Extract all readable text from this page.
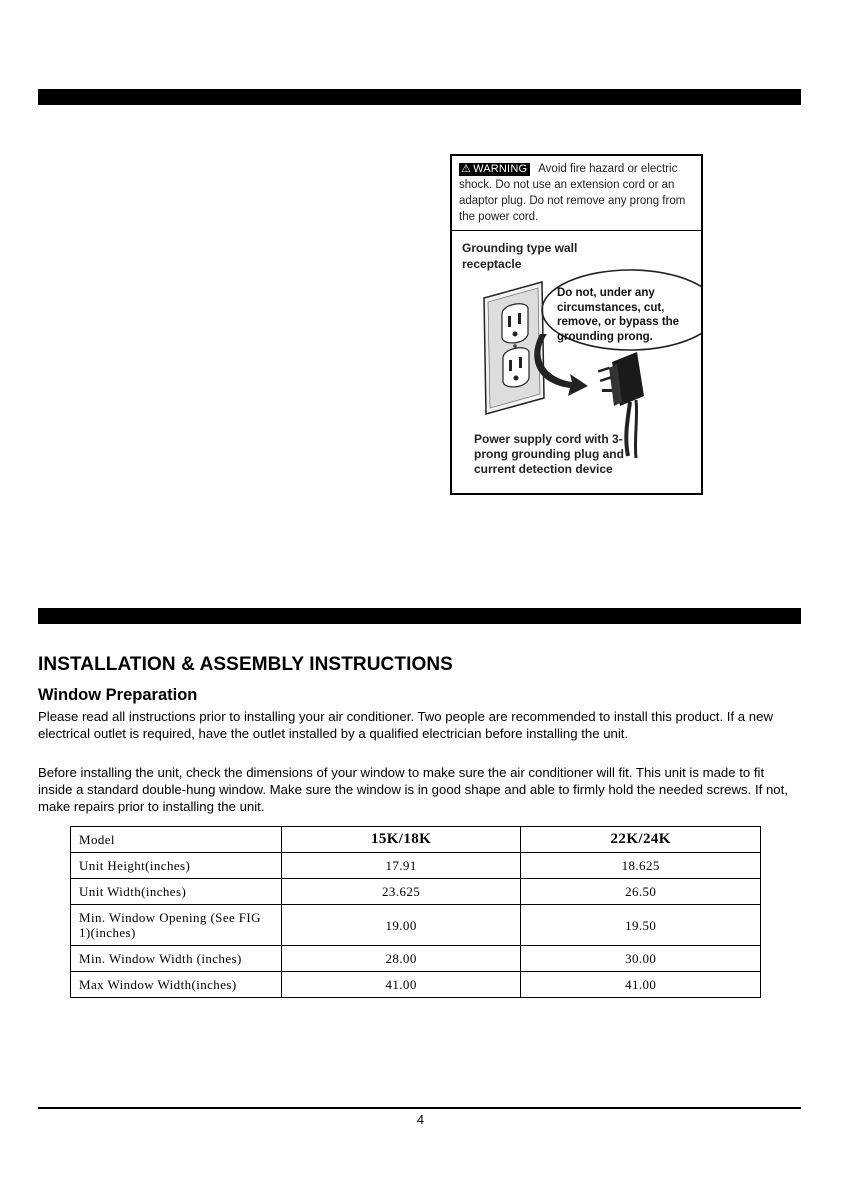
⚠ WARNING Avoid fire hazard or electric shock. Do not use an extension cord or an adaptor plug. Do not remove any prong from the power cord.
Grounding type wall receptacle
Do not, under any circumstances, cut, remove, or bypass the grounding prong.
Power supply cord with 3-prong grounding plug and current detection device
INSTALLATION & ASSEMBLY INSTRUCTIONS
Window Preparation

Please read all instructions prior to installing your air conditioner. Two people are recommended to install this product. If a new electrical outlet is required, have the outlet installed by a qualified electrician before installing the unit.

Before installing the unit, check the dimensions of your window to make sure the air conditioner will fit. This unit is made to fit inside a standard double-hung window. Make sure the window is in good shape and able to firmly hold the needed screws. If not, make repairs prior to installing the unit.

Model	15K/18K	22K/24K
Unit Height(inches)	17.91	18.625
Unit Width(inches)	23.625	26.50
Min. Window Opening (See FIG 1)(inches)	19.00	19.50
Min. Window Width (inches)	28.00	30.00
Max Window Width(inches)	41.00	41.00
4
